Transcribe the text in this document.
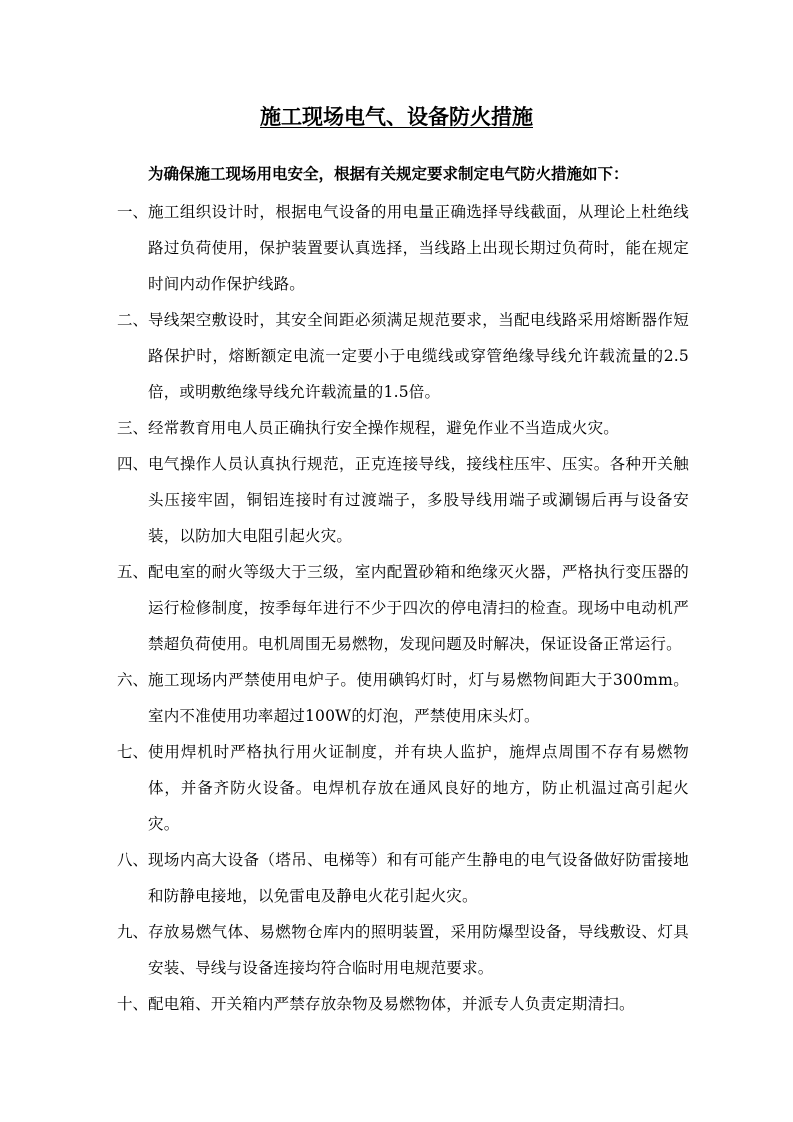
施工现场电气、设备防火措施
为确保施工现场用电安全，根据有关规定要求制定电气防火措施如下：
一、 施工组织设计时，根据电气设备的用电量正确选择导线截面，从理论上杜绝线路过负荷使用，保护装置要认真选择，当线路上出现长期过负荷时，能在规定时间内动作保护线路。
二、 导线架空敷设时，其安全间距必须满足规范要求，当配电线路采用熔断器作短路保护时，熔断额定电流一定要小于电缆线或穿管绝缘导线允许载流量的2.5倍，或明敷绝缘导线允许载流量的1.5倍。
三、 经常教育用电人员正确执行安全操作规程，避免作业不当造成火灾。
四、 电气操作人员认真执行规范，正克连接导线，接线柱压牢、压实。各种开关触头压接牢固，铜铝连接时有过渡端子，多股导线用端子或涮锡后再与设备安装，以防加大电阻引起火灾。
五、 配电室的耐火等级大于三级，室内配置砂箱和绝缘灭火器，严格执行变压器的运行检修制度，按季每年进行不少于四次的停电清扫的检查。现场中电动机严禁超负荷使用。电机周围无易燃物，发现问题及时解决，保证设备正常运行。
六、 施工现场内严禁使用电炉子。使用碘钨灯时，灯与易燃物间距大于300mm。室内不准使用功率超过100W的灯泡，严禁使用床头灯。
七、 使用焊机时严格执行用火证制度，并有块人监护，施焊点周围不存有易燃物体，并备齐防火设备。电焊机存放在通风良好的地方，防止机温过高引起火灾。
八、 现场内高大设备（塔吊、电梯等）和有可能产生静电的电气设备做好防雷接地和防静电接地，以免雷电及静电火花引起火灾。
九、 存放易燃气体、易燃物仓库内的照明装置，采用防爆型设备，导线敷设、灯具安装、导线与设备连接均符合临时用电规范要求。
十、 配电箱、开关箱内严禁存放杂物及易燃物体，并派专人负责定期清扫。
